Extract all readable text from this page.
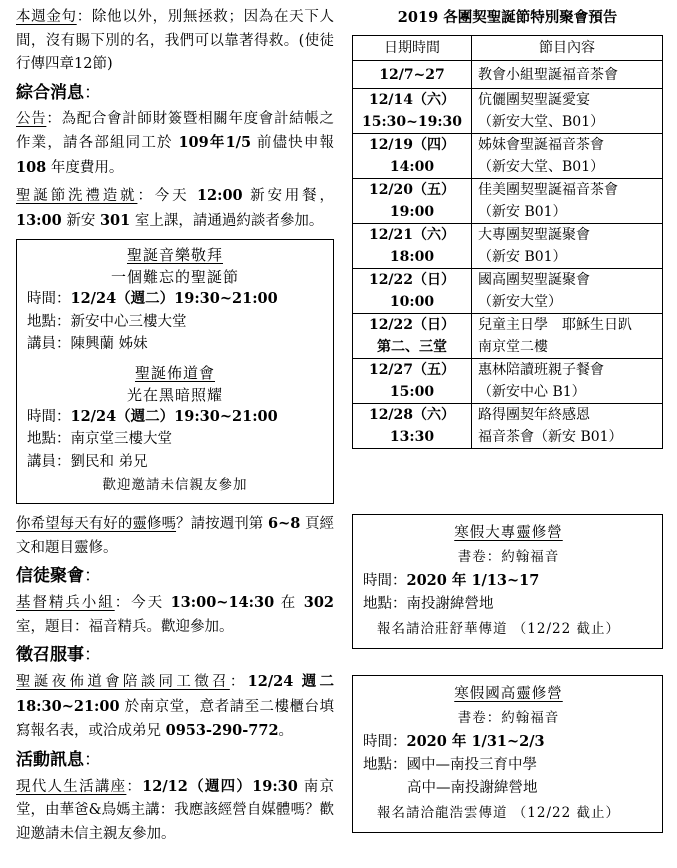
本週金句：除他以外，別無拯救；因為在天下人間，沒有賜下別的名，我們可以靠著得救。(使徒行傳四章12節)

綜合消息：

公告：為配合會計師財簽暨相關年度會計結帳之作業，請各部組同工於 109年1/5 前儘快申報 108 年度費用。

聖誕節洗禮造就：今天 12:00 新安用餐，13:00 新安 301 室上課，請通過約談者參加。

聖誕音樂敬拜
一個難忘的聖誕節
時間：12/24（週二）19:30~21:00
地點：新安中心三樓大堂
講員：陳興蘭 姊妹
聖誕佈道會
光在黑暗照耀
時間：12/24（週二）19:30~21:00
地點：南京堂三樓大堂
講員：劉民和 弟兄
歡迎邀請未信親友參加

你希望每天有好的靈修嗎？請按週刊第 6~8 頁經文和題目靈修。

信徒聚會：

基督精兵小組：今天 13:00~14:30 在 302 室，題目：福音精兵。歡迎參加。

徵召服事：

聖誕夜佈道會陪談同工徵召：12/24 週二 18:30~21:00 於南京堂，意者請至二樓櫃台填寫報名表，或洽成弟兄 0953-290-772。

活動訊息：

現代人生活講座：12/12（週四）19:30 南京堂，由華爸&鳥媽主講：我應該經營自媒體嗎？歡迎邀請未信主親友參加。

2019 各團契聖誕節特別聚會預告
日期時間	節目內容
12/7~27	教會小組聖誕福音茶會
12/14（六）
15:30~19:30	伉儷團契聖誕愛宴
（新安大堂、B01）
12/19（四）
14:00	姊妹會聖誕福音茶會
（新安大堂、B01）
12/20（五）
19:00	佳美團契聖誕福音茶會
（新安 B01）
12/21（六）
18:00	大專團契聖誕聚會
（新安 B01）
12/22（日）
10:00	國高團契聖誕聚會
（新安大堂）
12/22（日）
第二、三堂	兒童主日學　耶穌生日趴
南京堂二樓
12/27（五）
15:00	惠林陪讀班親子餐會
（新安中心 B1）
12/28（六）
13:30	路得團契年終感恩
福音茶會（新安 B01）
寒假大專靈修營
書卷：約翰福音
時間：2020 年 1/13~17
地點：南投謝緯營地
報名請洽莊舒華傳道 （12/22 截止）
寒假國高靈修營
書卷：約翰福音
時間：2020 年 1/31~2/3
地點：國中—南投三育中學
高中—南投謝緯營地
報名請洽龍浩雲傳道 （12/22 截止）
